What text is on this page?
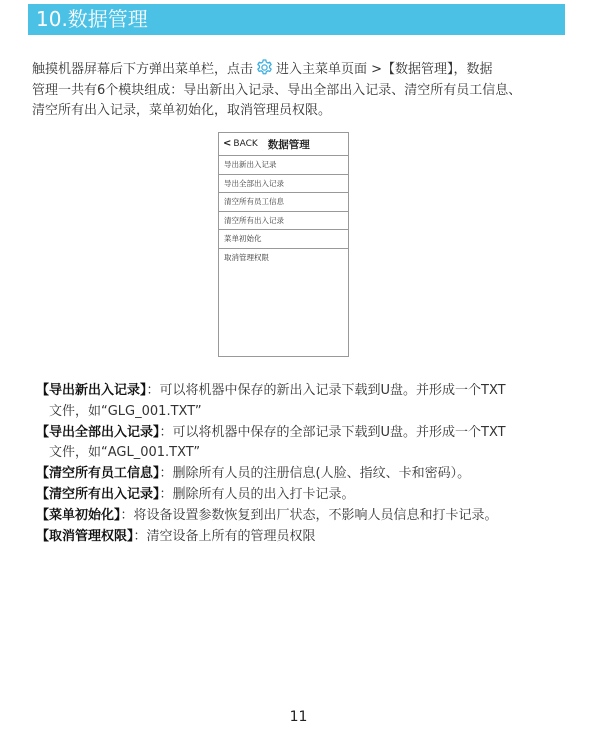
10.数据管理
触摸机器屏幕后下方弹出菜单栏，点击 进入主菜单页面 >【数据管理】，数据
管理一共有6个模块组成：导出新出入记录、导出全部出入记录、清空所有员工信息、
清空所有出入记录，菜单初始化，取消管理员权限。
< BACK 数据管理
导出新出入记录
导出全部出入记录
清空所有员工信息
清空所有出入记录
菜单初始化
取消管理权限

【导出新出入记录】：可以将机器中保存的新出入记录下载到U盘。并形成一个TXT

文件，如“GLG_001.TXT”

【导出全部出入记录】：可以将机器中保存的全部记录下载到U盘。并形成一个TXT

文件，如“AGL_001.TXT”

【清空所有员工信息】：删除所有人员的注册信息(人脸、指纹、卡和密码）。

【清空所有出入记录】：删除所有人员的出入打卡记录。

【菜单初始化】：将设备设置参数恢复到出厂状态，不影响人员信息和打卡记录。

【取消管理权限】：清空设备上所有的管理员权限

11
